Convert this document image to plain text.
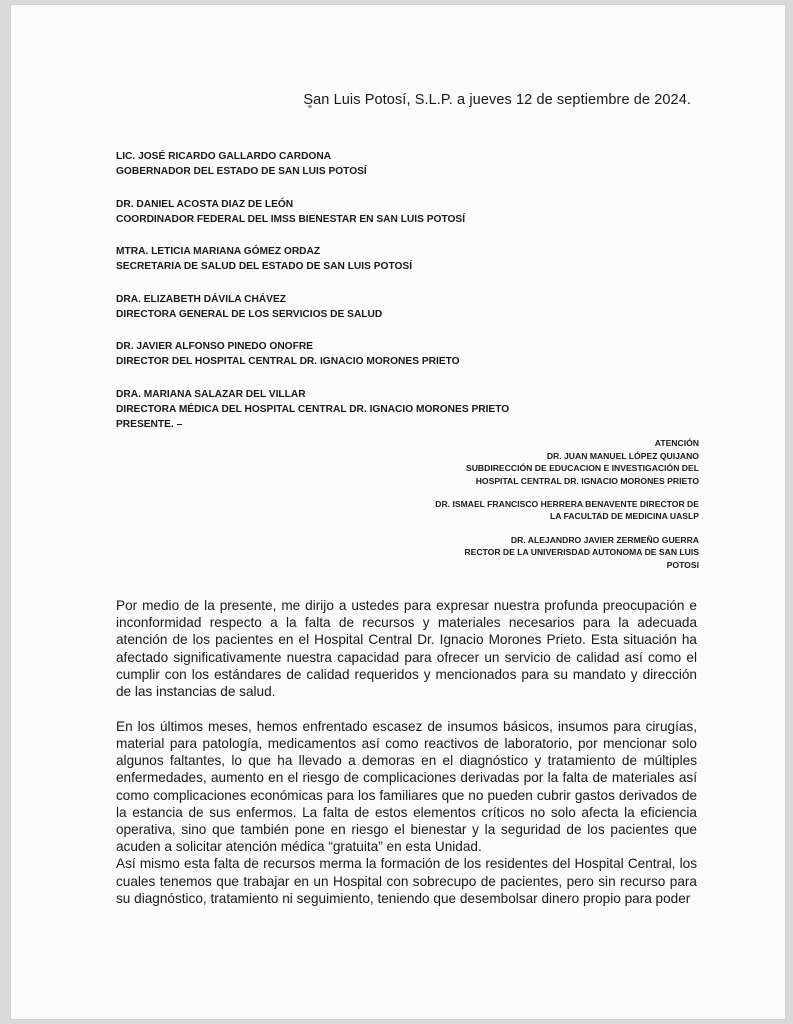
San Luis Potosí, S.L.P. a jueves 12 de septiembre de 2024.
LIC. JOSÉ RICARDO GALLARDO CARDONA
GOBERNADOR DEL ESTADO DE SAN LUIS POTOSÍ
DR. DANIEL ACOSTA DIAZ DE LEÓN
COORDINADOR FEDERAL DEL IMSS BIENESTAR EN SAN LUIS POTOSÍ
MTRA. LETICIA MARIANA GÓMEZ ORDAZ
SECRETARIA DE SALUD DEL ESTADO DE SAN LUIS POTOSÍ
DRA. ELIZABETH DÁVILA CHÁVEZ
DIRECTORA GENERAL DE LOS SERVICIOS DE SALUD
DR. JAVIER ALFONSO PINEDO ONOFRE
DIRECTOR DEL HOSPITAL CENTRAL DR. IGNACIO MORONES PRIETO
DRA. MARIANA SALAZAR DEL VILLAR
DIRECTORA MÉDICA DEL HOSPITAL CENTRAL DR. IGNACIO MORONES PRIETO
PRESENTE. –
ATENCIÓN
DR. JUAN MANUEL LÓPEZ QUIJANO
SUBDIRECCIÓN DE EDUCACION E INVESTIGACIÓN DEL
HOSPITAL CENTRAL DR. IGNACIO MORONES PRIETO
DR. ISMAEL FRANCISCO HERRERA BENAVENTE DIRECTOR DE
LA FACULTAD DE MEDICINA UASLP
DR. ALEJANDRO JAVIER ZERMEÑO GUERRA
RECTOR DE LA UNIVERISDAD AUTONOMA DE SAN LUIS
POTOSI

Por medio de la presente, me dirijo a ustedes para expresar nuestra profunda preocupación e inconformidad respecto a la falta de recursos y materiales necesarios para la adecuada atención de los pacientes en el Hospital Central Dr. Ignacio Morones Prieto. Esta situación ha afectado significativamente nuestra capacidad para ofrecer un servicio de calidad así como el cumplir con los estándares de calidad requeridos y mencionados para su mandato y dirección de las instancias de salud.

En los últimos meses, hemos enfrentado escasez de insumos básicos, insumos para cirugías, material para patología, medicamentos así como reactivos de laboratorio, por mencionar solo algunos faltantes, lo que ha llevado a demoras en el diagnóstico y tratamiento de múltiples enfermedades, aumento en el riesgo de complicaciones derivadas por la falta de materiales así como complicaciones económicas para los familiares que no pueden cubrir gastos derivados de la estancia de sus enfermos. La falta de estos elementos críticos no solo afecta la eficiencia operativa, sino que también pone en riesgo el bienestar y la seguridad de los pacientes que acuden a solicitar atención médica “gratuita” en esta Unidad.

Así mismo esta falta de recursos merma la formación de los residentes del Hospital Central, los cuales tenemos que trabajar en un Hospital con sobrecupo de pacientes, pero sin recurso para su diagnóstico, tratamiento ni seguimiento, teniendo que desembolsar dinero propio para poder
